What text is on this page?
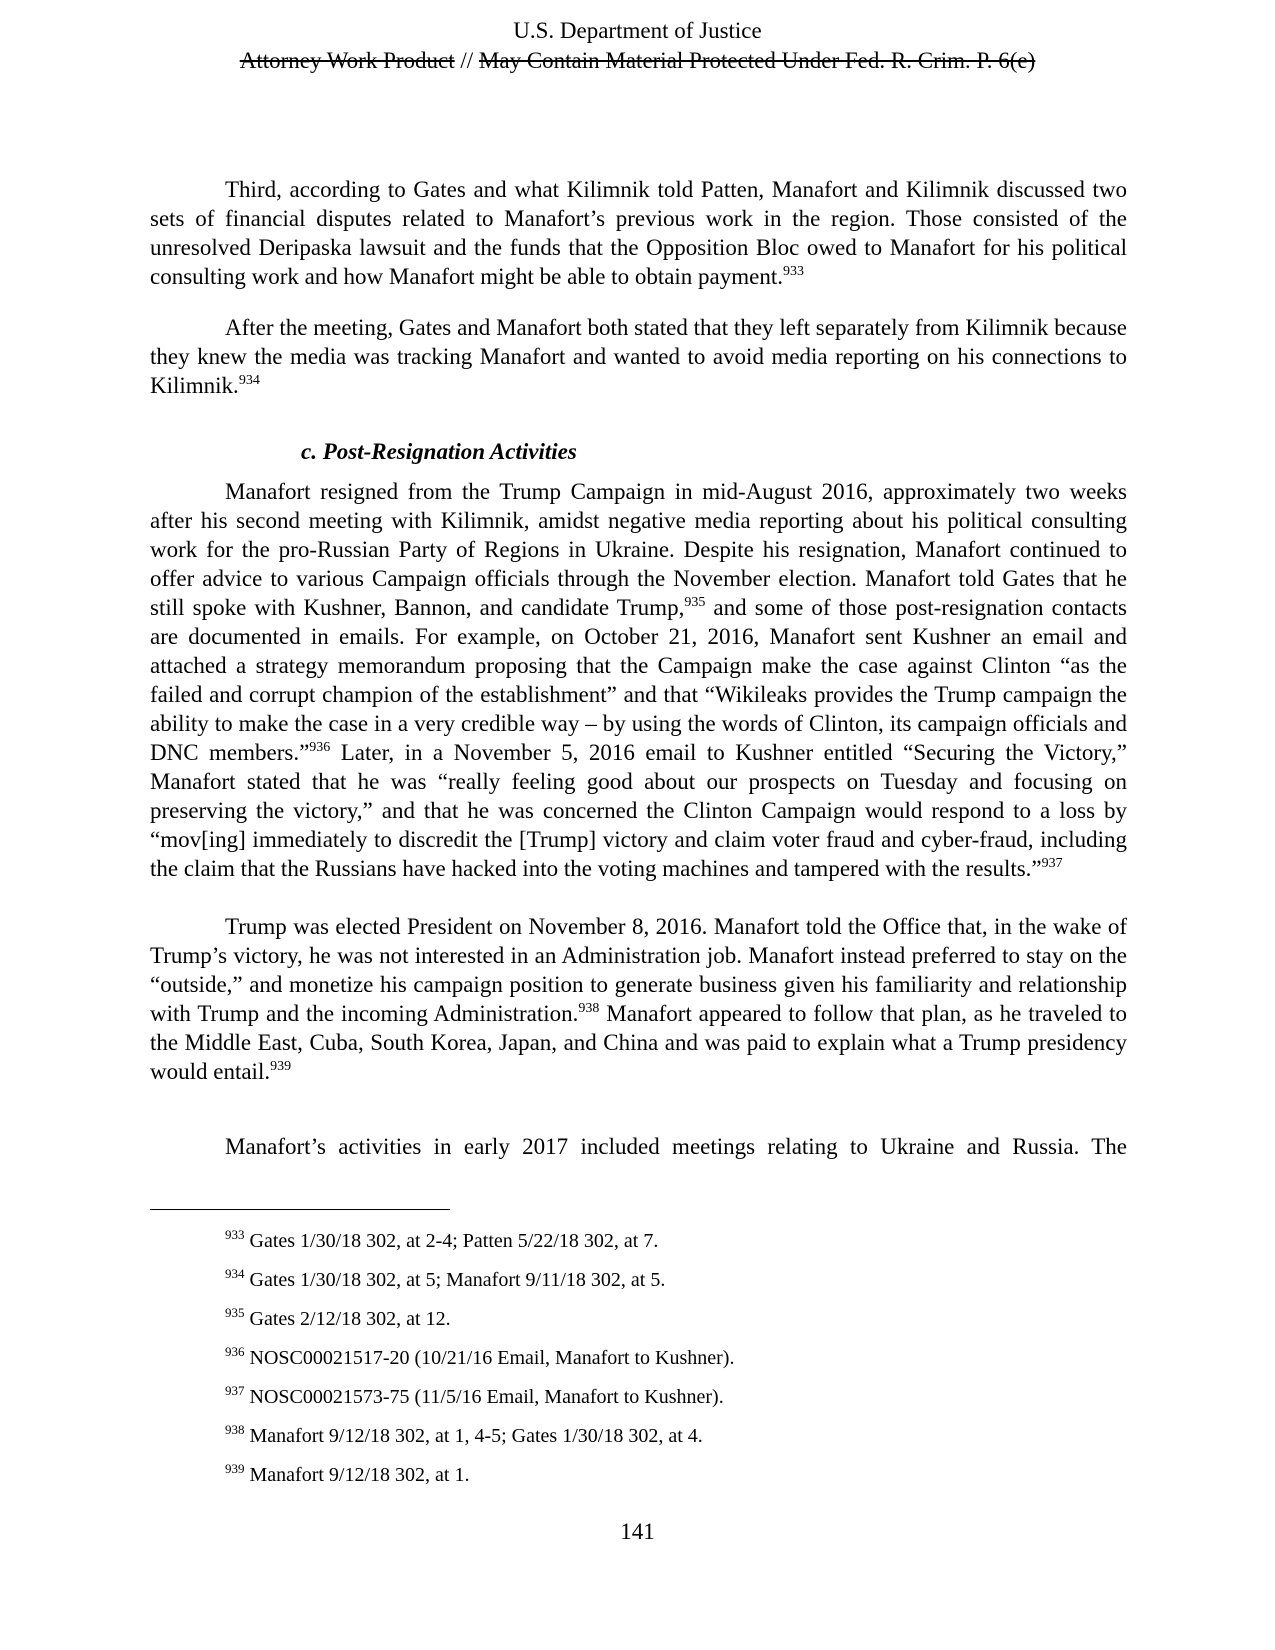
U.S. Department of Justice
Attorney Work Product // May Contain Material Protected Under Fed. R. Crim. P. 6(e)

Third, according to Gates and what Kilimnik told Patten, Manafort and Kilimnik discussed two sets of financial disputes related to Manafort’s previous work in the region. Those consisted of the unresolved Deripaska lawsuit and the funds that the Opposition Bloc owed to Manafort for his political consulting work and how Manafort might be able to obtain payment.$^{933}$

After the meeting, Gates and Manafort both stated that they left separately from Kilimnik because they knew the media was tracking Manafort and wanted to avoid media reporting on his connections to Kilimnik.$^{934}$

c. Post-Resignation Activities

Manafort resigned from the Trump Campaign in mid-August 2016, approximately two weeks after his second meeting with Kilimnik, amidst negative media reporting about his political consulting work for the pro-Russian Party of Regions in Ukraine. Despite his resignation, Manafort continued to offer advice to various Campaign officials through the November election. Manafort told Gates that he still spoke with Kushner, Bannon, and candidate Trump,$^{935}$ and some of those post-resignation contacts are documented in emails. For example, on October 21, 2016, Manafort sent Kushner an email and attached a strategy memorandum proposing that the Campaign make the case against Clinton “as the failed and corrupt champion of the establishment” and that “Wikileaks provides the Trump campaign the ability to make the case in a very credible way – by using the words of Clinton, its campaign officials and DNC members.”$^{936}$ Later, in a November 5, 2016 email to Kushner entitled “Securing the Victory,” Manafort stated that he was “really feeling good about our prospects on Tuesday and focusing on preserving the victory,” and that he was concerned the Clinton Campaign would respond to a loss by “mov[ing] immediately to discredit the [Trump] victory and claim voter fraud and cyber-fraud, including the claim that the Russians have hacked into the voting machines and tampered with the results.”$^{937}$

Trump was elected President on November 8, 2016. Manafort told the Office that, in the wake of Trump’s victory, he was not interested in an Administration job. Manafort instead preferred to stay on the “outside,” and monetize his campaign position to generate business given his familiarity and relationship with Trump and the incoming Administration.$^{938}$ Manafort appeared to follow that plan, as he traveled to the Middle East, Cuba, South Korea, Japan, and China and was paid to explain what a Trump presidency would entail.$^{939}$

Manafort’s activities in early 2017 included meetings relating to Ukraine and Russia. The

$^{933}$ Gates 1/30/18 302, at 2-4; Patten 5/22/18 302, at 7.
$^{934}$ Gates 1/30/18 302, at 5; Manafort 9/11/18 302, at 5.
$^{935}$ Gates 2/12/18 302, at 12.
$^{936}$ NOSC00021517-20 (10/21/16 Email, Manafort to Kushner).
$^{937}$ NOSC00021573-75 (11/5/16 Email, Manafort to Kushner).
$^{938}$ Manafort 9/12/18 302, at 1, 4-5; Gates 1/30/18 302, at 4.
$^{939}$ Manafort 9/12/18 302, at 1.
141
